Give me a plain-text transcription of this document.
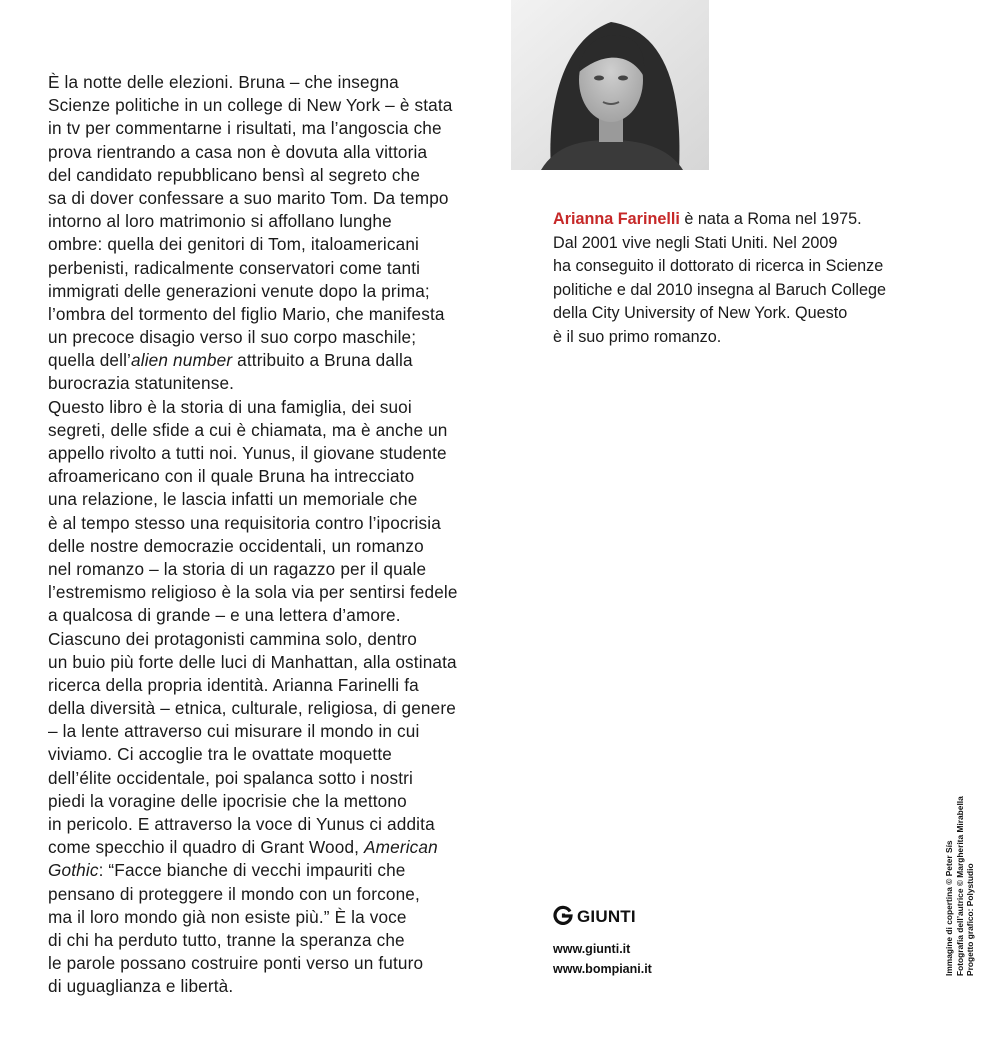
È la notte delle elezioni. Bruna – che insegna
Scienze politiche in un college di New York – è stata
in tv per commentarne i risultati, ma l’angoscia che
prova rientrando a casa non è dovuta alla vittoria
del candidato repubblicano bensì al segreto che
sa di dover confessare a suo marito Tom. Da tempo
intorno al loro matrimonio si affollano lunghe
ombre: quella dei genitori di Tom, italoamericani
perbenisti, radicalmente conservatori come tanti
immigrati delle generazioni venute dopo la prima;
l’ombra del tormento del figlio Mario, che manifesta
un precoce disagio verso il suo corpo maschile;
quella dell’alien number attribuito a Bruna dalla
burocrazia statunitense.
Questo libro è la storia di una famiglia, dei suoi
segreti, delle sfide a cui è chiamata, ma è anche un
appello rivolto a tutti noi. Yunus, il giovane studente
afroamericano con il quale Bruna ha intrecciato
una relazione, le lascia infatti un memoriale che
è al tempo stesso una requisitoria contro l’ipocrisia
delle nostre democrazie occidentali, un romanzo
nel romanzo – la storia di un ragazzo per il quale
l’estremismo religioso è la sola via per sentirsi fedele
a qualcosa di grande – e una lettera d’amore.
Ciascuno dei protagonisti cammina solo, dentro
un buio più forte delle luci di Manhattan, alla ostinata
ricerca della propria identità. Arianna Farinelli fa
della diversità – etnica, culturale, religiosa, di genere
– la lente attraverso cui misurare il mondo in cui
viviamo. Ci accoglie tra le ovattate moquette
dell’élite occidentale, poi spalanca sotto i nostri
piedi la voragine delle ipocrisie che la mettono
in pericolo. E attraverso la voce di Yunus ci addita
come specchio il quadro di Grant Wood, American
Gothic: “Facce bianche di vecchi impauriti che
pensano di proteggere il mondo con un forcone,
ma il loro mondo già non esiste più.” È la voce
di chi ha perduto tutto, tranne la speranza che
le parole possano costruire ponti verso un futuro
di uguaglianza e libertà.
Arianna Farinelli è nata a Roma nel 1975.
Dal 2001 vive negli Stati Uniti. Nel 2009
ha conseguito il dottorato di ricerca in Scienze
politiche e dal 2010 insegna al Baruch College
della City University of New York. Questo
è il suo primo romanzo.
GIUNTI
www.giunti.it
www.bompiani.it	Immagine di copertina © Peter Sís Fotografia dell’autrice © Margherita Mirabella Progetto grafico: Polystudio
